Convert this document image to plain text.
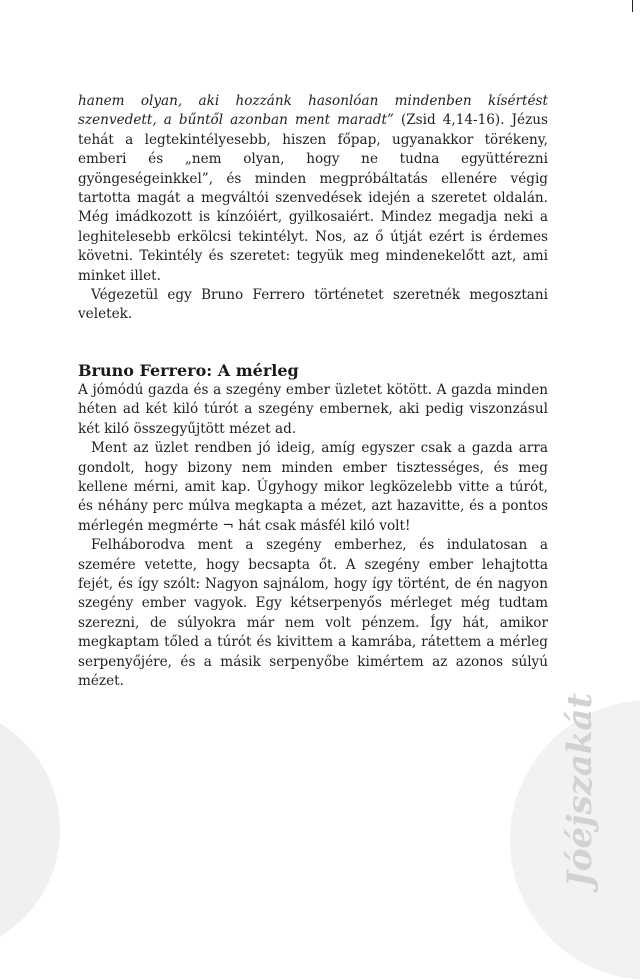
Jóéjszakát

hanem olyan, aki hozzánk hasonlóan mindenben kísértést szenvedett, a bűntől azonban ment maradt” (Zsid 4,14-16). Jézus tehát a legtekintélyesebb, hiszen főpap, ugyanakkor törékeny, emberi és „nem olyan, hogy ne tudna együttérezni gyöngeségeinkkel”, és minden megpróbáltatás ellenére végig tartotta magát a megváltói szenvedések idején a szeretet oldalán. Még imádkozott is kínzóiért, gyilkosaiért. Mindez megadja neki a leghitelesebb erkölcsi tekintélyt. Nos, az ő útját ezért is érdemes követni. Tekintély és szeretet: tegyük meg mindenekelőtt azt, ami minket illet.

Végezetül egy Bruno Ferrero történetet szeretnék megosztani veletek.

Bruno Ferrero: A mérleg

A jómódú gazda és a szegény ember üzletet kötött. A gazda minden héten ad két kiló túrót a szegény embernek, aki pedig viszonzásul két kiló összegyűjtött mézet ad.

Ment az üzlet rendben jó ideig, amíg egyszer csak a gazda arra gondolt, hogy bizony nem minden ember tisztességes, és meg kellene mérni, amit kap. Úgyhogy mikor legközelebb vitte a túrót, és néhány perc múlva megkapta a mézet, azt hazavitte, és a pontos mérlegén megmérte ¬ hát csak másfél kiló volt!

Felháborodva ment a szegény emberhez, és indulatosan a szemére vetette, hogy becsapta őt. A szegény ember lehajtotta fejét, és így szólt: Nagyon sajnálom, hogy így történt, de én nagyon szegény ember vagyok. Egy kétserpenyős mérleget még tudtam szerezni, de súlyokra már nem volt pénzem. Így hát, amikor megkaptam tőled a túrót és kivittem a kamrába, rátettem a mérleg serpenyőjére, és a másik serpenyőbe kimértem az azonos súlyú mézet.
